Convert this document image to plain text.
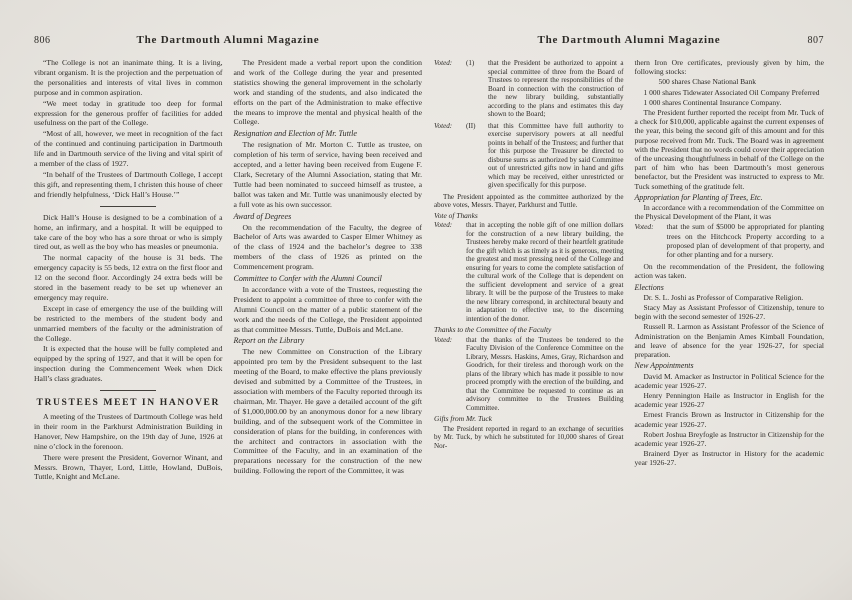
806	The Dartmouth Alumni Magazine
“The College is not an inanimate thing. It is a living, vibrant organism. It is the projection and the perpetuation of the personalities and interests of vital lives in common purpose and in common aspiration.
“We meet today in gratitude too deep for formal expression for the generous proffer of facilities for added usefulness on the part of the College.
“Most of all, however, we meet in recognition of the fact of the continued and continuing participation in Dartmouth life and in Dartmouth service of the living and vital spirit of a member of the class of 1927.
“In behalf of the Trustees of Dartmouth College, I accept this gift, and representing them, I christen this house of cheer and friendly helpfulness, ‘Dick Hall’s House.’”
Dick Hall’s House is designed to be a combination of a home, an infirmary, and a hospital. It will be equipped to take care of the boy who has a sore throat or who is simply tired out, as well as the boy who has measles or pneumonia.
The normal capacity of the house is 31 beds. The emergency capacity is 55 beds, 12 extra on the first floor and 12 on the second floor. Accordingly 24 extra beds will be stored in the basement ready to be set up whenever an emergency may require.
Except in case of emergency the use of the building will be restricted to the members of the student body and unmarried members of the faculty or the administration of the College.
It is expected that the house will be fully completed and equipped by the spring of 1927, and that it will be open for inspection during the Commencement Week when Dick Hall’s class graduates.
TRUSTEES MEET IN HANOVER
A meeting of the Trustees of Dartmouth College was held in their room in the Parkhurst Administration Building in Hanover, New Hampshire, on the 19th day of June, 1926 at nine o’clock in the forenoon.
There were present the President, Governor Winant, and Messrs. Brown, Thayer, Lord, Little, Howland, DuBois, Tuttle, Knight and McLane.
The President made a verbal report upon the condition and work of the College during the year and presented statistics showing the general improvement in the scholarly work and standing of the students, and also indicated the efforts on the part of the Administration to make effective the means to improve the mental and physical health of the College.
Resignation and Election of Mr. Tuttle
The resignation of Mr. Morton C. Tuttle as trustee, on completion of his term of service, having been received and accepted, and a letter having been received from Eugene F. Clark, Secretary of the Alumni Association, stating that Mr. Tuttle had been nominated to succeed himself as trustee, a ballot was taken and Mr. Tuttle was unanimously elected by a full vote as his own successor.
Award of Degrees
On the recommendation of the Faculty, the degree of Bachelor of Arts was awarded to Casper Elmer Whitney as of the class of 1924 and the bachelor’s degree to 338 members of the class of 1926 as printed on the Commencement program.
Committee to Confer with the Alumni Council
In accordance with a vote of the Trustees, requesting the President to appoint a committee of three to confer with the Alumni Council on the matter of a public statement of the work and the needs of the College, the President appointed as that committee Messrs. Tuttle, DuBois and McLane.
Report on the Library
The new Committee on Construction of the Library appointed pro tem by the President subsequent to the last meeting of the Board, to make effective the plans previously devised and submitted by a Committee of the Trustees, in association with members of the Faculty reported through its chairman, Mr. Thayer. He gave a detailed account of the gift of $1,000,000.00 by an anonymous donor for a new library building, and of the subsequent work of the Committee in consideration of plans for the building, in conferences with the architect and contractors in association with the Committee of the Faculty, and in an examination of the preparations necessary for the construction of the new building. Following the report of the Committee, it was
The Dartmouth Alumni Magazine	807
Voted:	(1)	that the President be authorized to appoint a special committee of three from the Board of Trustees to represent the responsibilities of the Board in connection with the construction of the new library building, substantially according to the plans and estimates this day shown to the Board;
Voted:	(II)	that this Committee have full authority to exercise supervisory powers at all needful points in behalf of the Trustees; and further that for this purpose the Treasurer be directed to disburse sums as authorized by said Committee out of unrestricted gifts now in hand and gifts which may be received, either unrestricted or given specifically for this purpose.
The President appointed as the committee authorized by the above votes, Messrs. Thayer, Parkhurst and Tuttle.
Vote of Thanks
Voted:	that in accepting the noble gift of one million dollars for the construction of a new library building, the Trustees hereby make record of their heartfelt gratitude for the gift which is as timely as it is generous, meeting the greatest and most pressing need of the College and ensuring for years to come the complete satisfaction of the cultural work of the College that is dependent on the sufficient development and service of a great library. It will be the purpose of the Trustees to make the new library correspond, in architectural beauty and in adaptation to effective use, to the discerning intention of the donor.
Thanks to the Committee of the Faculty
Voted:	that the thanks of the Trustees be tendered to the Faculty Division of the Conference Committee on the Library, Messrs. Haskins, Ames, Gray, Richardson and Goodrich, for their tireless and thorough work on the plans of the library which has made it possible to now proceed promptly with the erection of the building, and that the Committee be requested to continue as an advisory committee to the Trustees Building Committee.
Gifts from Mr. Tuck
The President reported in regard to an exchange of securities by Mr. Tuck, by which he substituted for 10,000 shares of Great Nor-
thern Iron Ore certificates, previously given by him, the following stocks:
500 shares Chase National Bank
1 000 shares Tidewater Associated Oil Company Preferred
1 000 shares Continental Insurance Company.
The President further reported the receipt from Mr. Tuck of a check for $10,000, applicable against the current expenses of the year, this being the second gift of this amount and for this purpose received from Mr. Tuck. The Board was in agreement with the President that no words could cover their appreciation of the unceasing thoughtfulness in behalf of the College on the part of him who has been Dartmouth’s most generous benefactor, but the President was instructed to express to Mr. Tuck something of the gratitude felt.
Appropriation for Planting of Trees, Etc.
In accordance with a recommendation of the Committee on the Physical Development of the Plant, it was
Voted:	that the sum of $5000 be appropriated for planting trees on the Hitchcock Property according to a proposed plan of development of that property, and for other planting and for a nursery.
On the recommendation of the President, the following action was taken.
Elections
Dr. S. L. Joshi as Professor of Comparative Religion.
Stacy May as Assistant Professor of Citizenship, tenure to begin with the second semester of 1926-27.
Russell R. Larmon as Assistant Professor of the Science of Administration on the Benjamin Ames Kimball Foundation, and leave of absence for the year 1926-27, for special preparation.
New Appointments
David M. Amacker as Instructor in Political Science for the academic year 1926-27.
Henry Pennington Haile as Instructor in English for the academic year 1926-27
Ernest Francis Brown as Instructor in Citizenship for the academic year 1926-27.
Robert Joshua Breyfogle as Instructor in Citizenship for the academic year 1926-27.
Brainerd Dyer as Instructor in History for the academic year 1926-27.
